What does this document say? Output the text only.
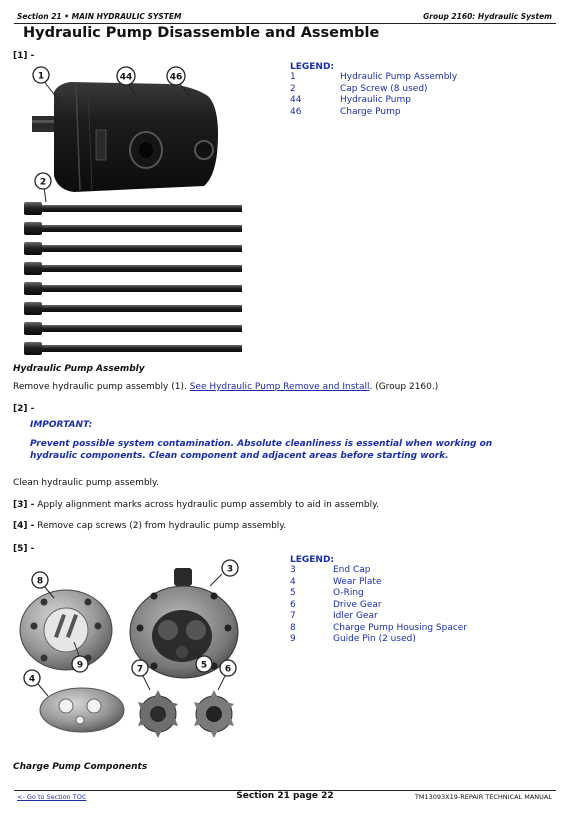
Section 21 • MAIN HYDRAULIC SYSTEM	Group 2160: Hydraulic System
Hydraulic Pump Disassemble and Assemble
[1] -
1	44	46
2
LEGEND:
1	Hydraulic Pump Assembly
2	Cap Screw (8 used)
44	Hydraulic Pump
46	Charge Pump
Hydraulic Pump Assembly
Remove hydraulic pump assembly (1). See Hydraulic Pump Remove and Install. (Group 2160.)
[2] -
IMPORTANT:
Prevent possible system contamination. Absolute cleanliness is essential when working on hydraulic components. Clean component and adjacent areas before starting work.
Clean hydraulic pump assembly.
[3] - Apply alignment marks across hydraulic pump assembly to aid in assembly.
[4] - Remove cap screws (2) from hydraulic pump assembly.
[5] -
8
3
9	7	6
5
4
LEGEND:
3	End Cap
4	Wear Plate
5	O-Ring
6	Drive Gear
7	Idler Gear
8	Charge Pump Housing Spacer
9	Guide Pin (2 used)
Charge Pump Components
<- Go to Section TOC	Section 21 page 22	TM13093X19-REPAIR TECHNICAL MANUAL
